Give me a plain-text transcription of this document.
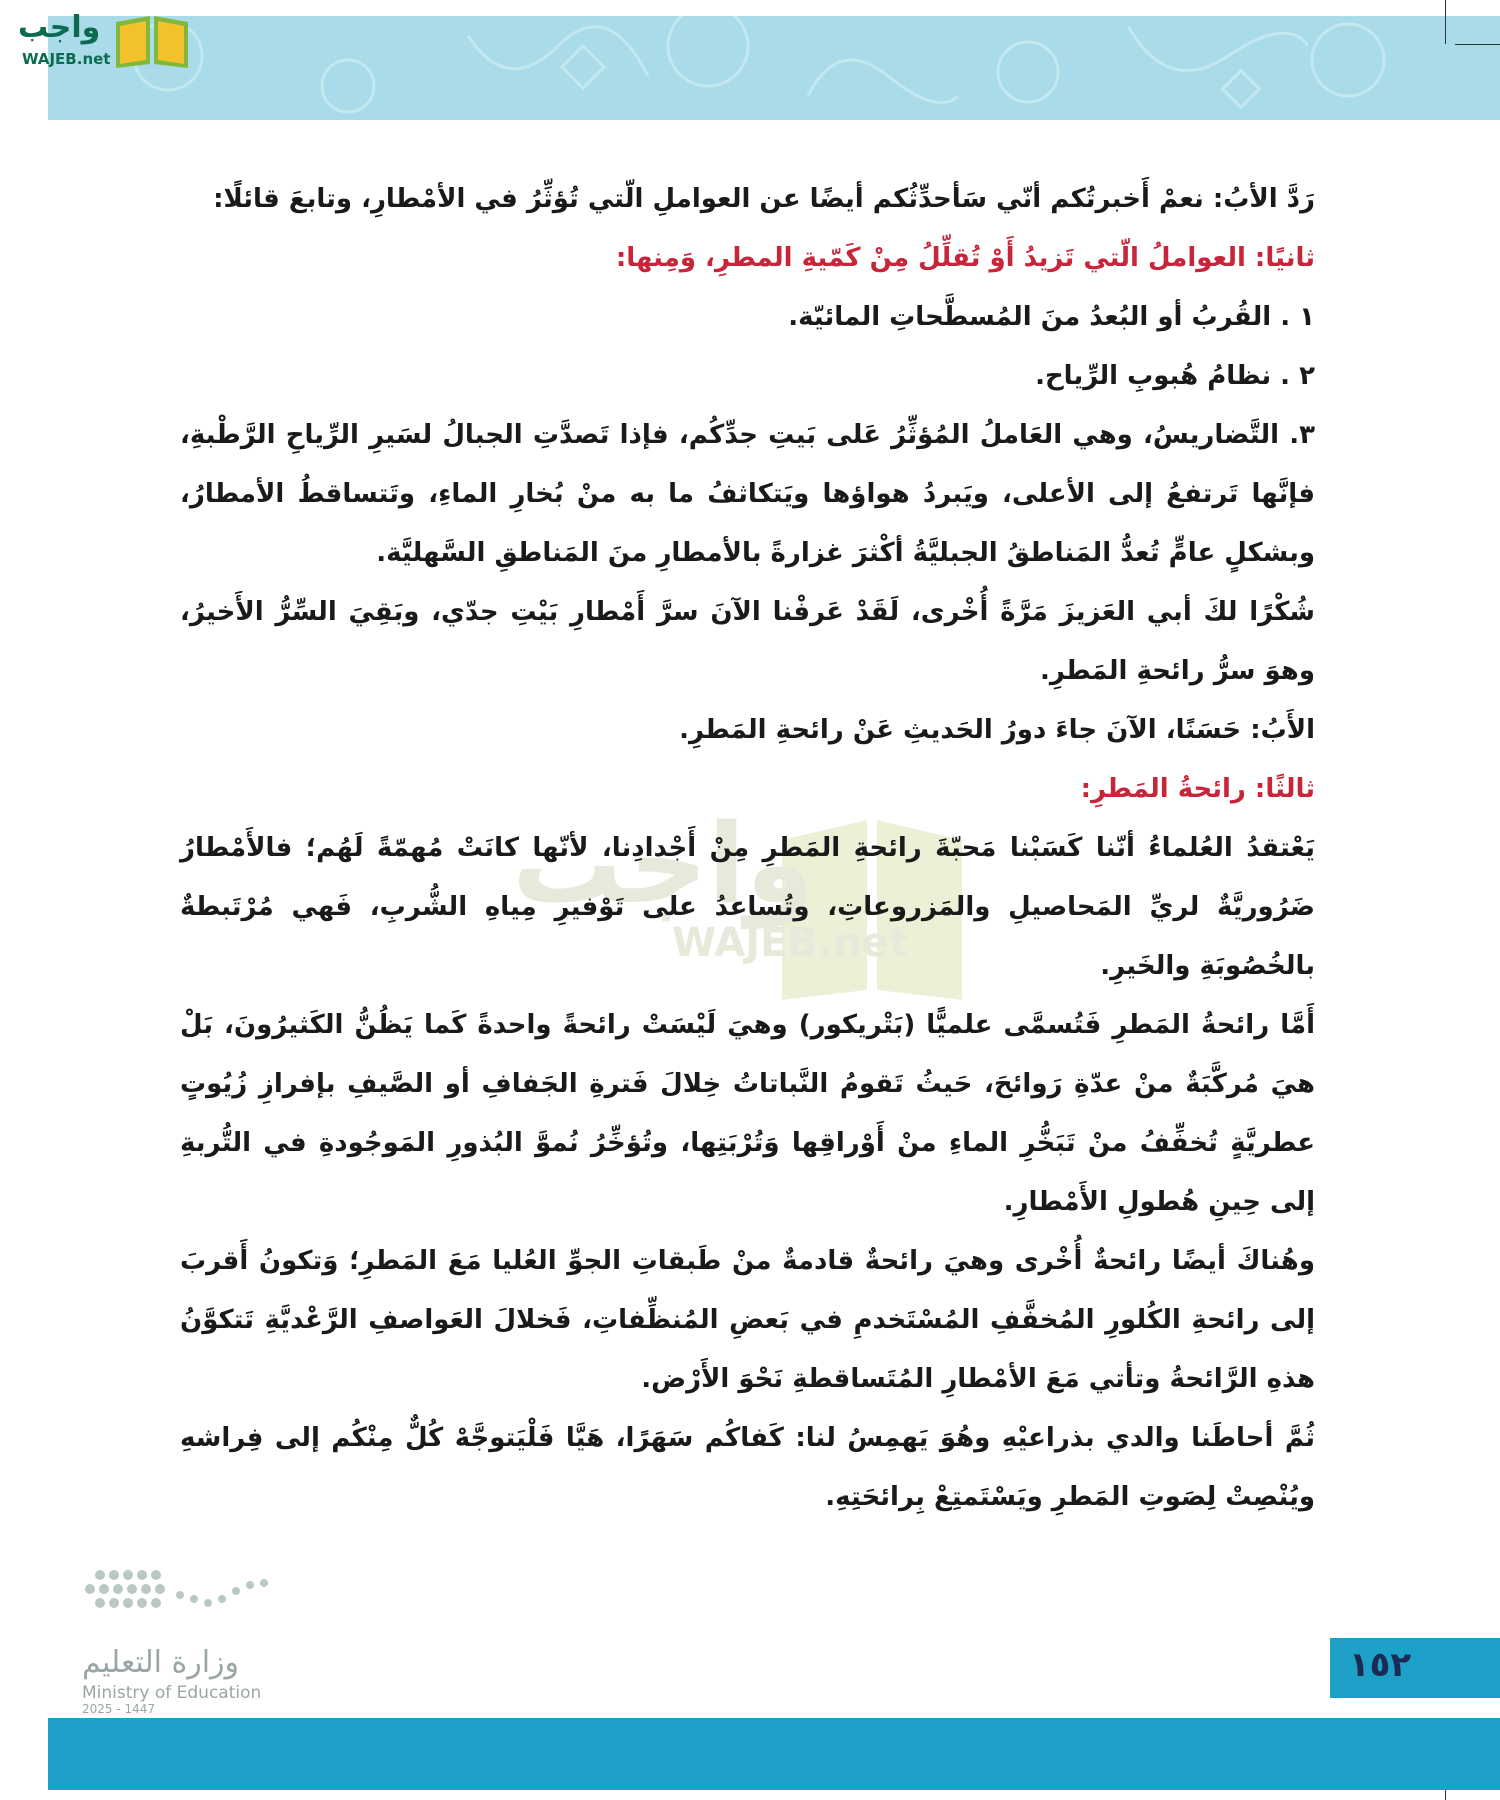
واجب
WAJEB.net
واجب
WAJEB.net

رَدَّ الأبُ: نعمْ أَخبرتُكم أنّي سَأحدِّثُكم أيضًا عن العواملِ الّتي تُؤثِّرُ في الأمْطارِ، وتابعَ قائلًا:

ثانيًا: العواملُ الّتي تَزيدُ أَوْ تُقلِّلُ مِنْ كَمّيةِ المطرِ، وَمِنها:

١ . القُربُ أو البُعدُ منَ المُسطَّحاتِ المائيّة.

٢ . نظامُ هُبوبِ الرِّياح.

٣. التَّضاريسُ، وهي العَاملُ المُؤثِّرُ عَلى بَيتِ جدِّكُم، فإذا تَصدَّتِ الجبالُ لسَيرِ الرِّياحِ الرَّطْبةِ، فإنَّها تَرتفعُ إلى الأعلى، ويَبردُ هواؤها ويَتكاثفُ ما به منْ بُخارِ الماءِ، وتَتساقطُ الأمطارُ، وبشكلٍ عامٍّ تُعدُّ المَناطقُ الجبليَّةُ أكْثرَ غزارةً بالأمطارِ منَ المَناطقِ السَّهليَّة.

شُكْرًا لكَ أبي العَزيزَ مَرَّةً أُخْرى، لَقَدْ عَرفْنا الآنَ سرَّ أَمْطارِ بَيْتِ جدّي، وبَقِيَ السِّرُّ الأَخيرُ، وهوَ سرُّ رائحةِ المَطرِ.

الأَبُ: حَسَنًا، الآنَ جاءَ دورُ الحَديثِ عَنْ رائحةِ المَطرِ.

ثالثًا: رائحةُ المَطرِ:

يَعْتقدُ العُلماءُ أنّنا كَسَبْنا مَحبّةَ رائحةِ المَطرِ مِنْ أَجْدادِنا، لأنّها كانَتْ مُهمّةً لَهُم؛ فالأَمْطارُ ضَرُوريَّةٌ لريِّ المَحاصيلِ والمَزروعاتِ، وتُساعدُ على تَوْفيرِ مِياهِ الشُّربِ، فَهي مُرْتَبطةٌ بالخُصُوبَةِ والخَيرِ.

أَمَّا رائحةُ المَطرِ فَتُسمَّى علميًّا (بَتْريكور) وهيَ لَيْسَتْ رائحةً واحدةً كَما يَظُنُّ الكَثيرُونَ، بَلْ هيَ مُركَّبَةٌ منْ عدّةِ رَوائحَ، حَيثُ تَقومُ النَّباتاتُ خِلالَ فَترةِ الجَفافِ أو الصَّيفِ بإفرازِ زُيُوتٍ عطريَّةٍ تُخفِّفُ منْ تَبَخُّرِ الماءِ منْ أَوْراقِها وَتُرْبَتِها، وتُؤخِّرُ نُموَّ البُذورِ المَوجُودةِ في التُّربةِ إلى حِينِ هُطولِ الأَمْطارِ.

وهُناكَ أيضًا رائحةٌ أُخْرى وهيَ رائحةٌ قادمةٌ منْ طَبقاتِ الجوِّ العُليا مَعَ المَطرِ؛ وَتكونُ أَقربَ إلى رائحةِ الكُلورِ المُخفَّفِ المُسْتَخدمِ في بَعضِ المُنظِّفاتِ، فَخلالَ العَواصفِ الرَّعْديَّةِ تَتكوَّنُ هذهِ الرَّائحةُ وتأتي مَعَ الأمْطارِ المُتَساقطةِ نَحْوَ الأَرْض.

ثُمَّ أحاطَنا والدي بذراعيْهِ وهُوَ يَهمِسُ لنا: كَفاكُم سَهَرًا، هَيَّا فَلْيَتوجَّهْ كُلٌّ مِنْكُم إلى فِراشهِ ويُنْصِتْ لِصَوتِ المَطرِ ويَسْتَمتِعْ بِرائحَتِهِ.

وزارة التعليم
Ministry of Education
2025 - 1447
١٥٢
